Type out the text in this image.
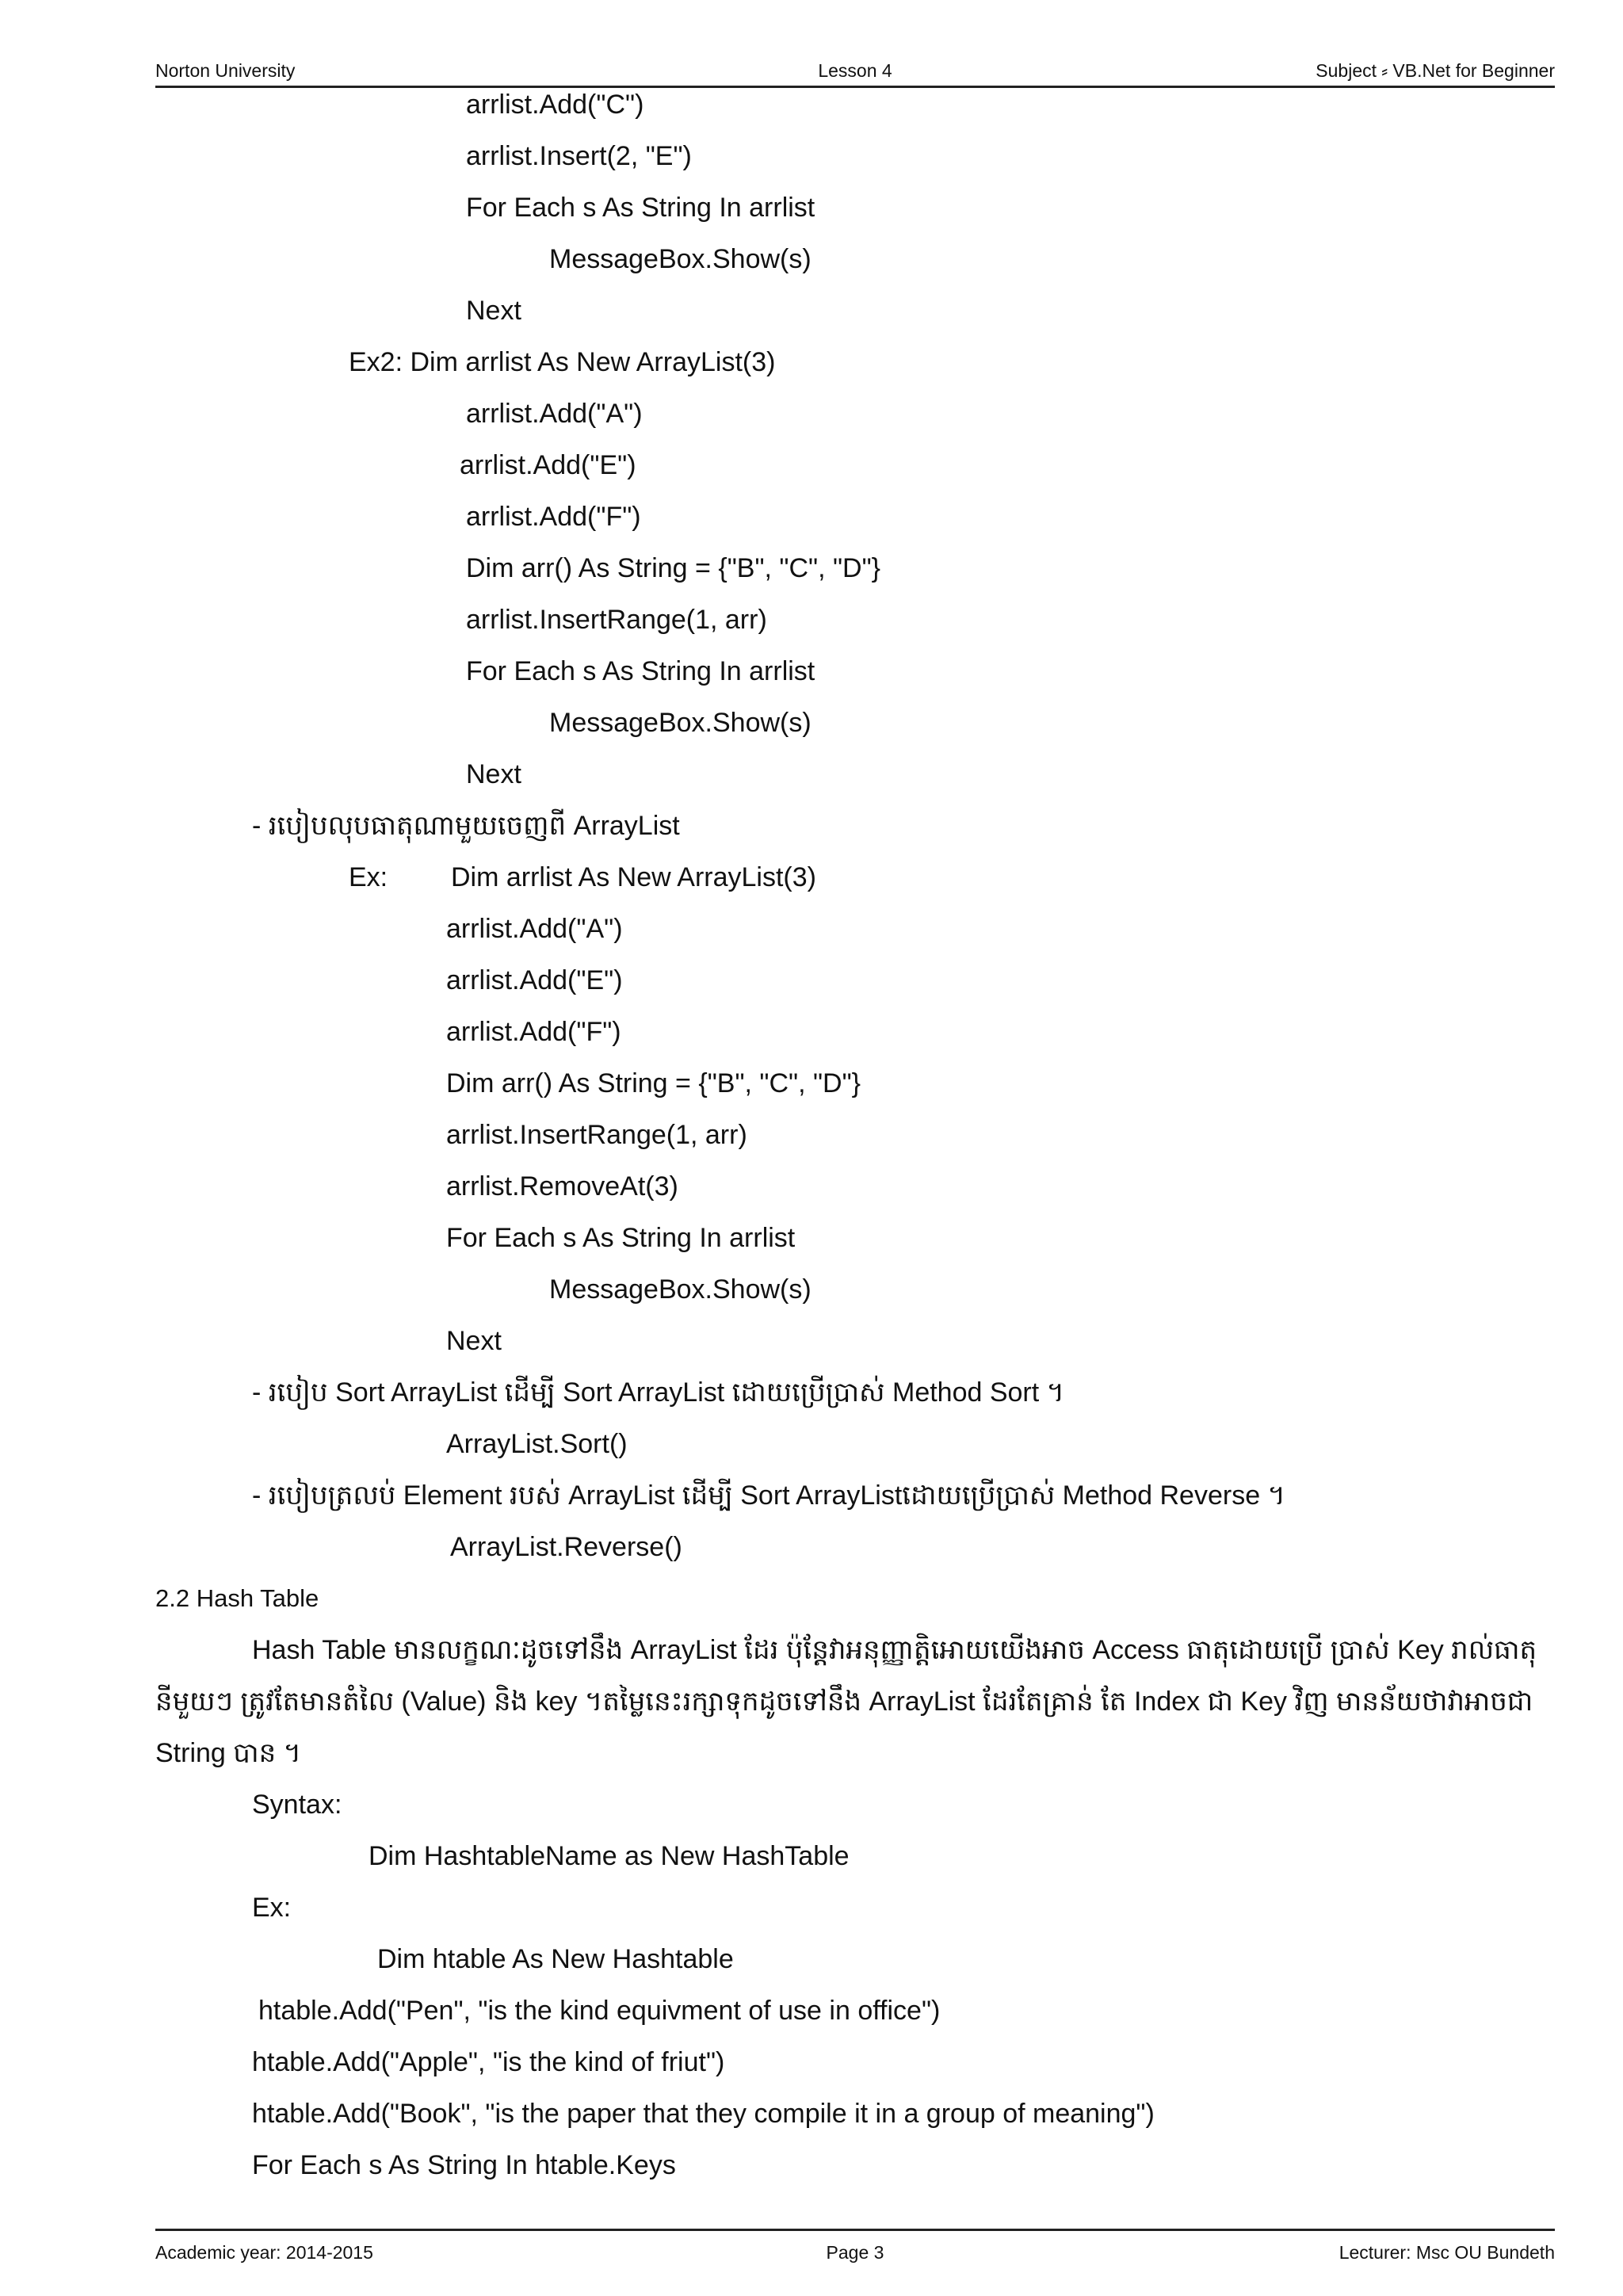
Norton University	Lesson 4	Subject ⸗ VB.Net for Beginner
arrlist.Add("C")
arrlist.Insert(2, "E")
For Each s As String In arrlist
MessageBox.Show(s)
Next
Ex2: Dim arrlist As New ArrayList(3)
arrlist.Add("A")
arrlist.Add("E")
arrlist.Add("F")
Dim arr() As String = {"B", "C", "D"}
arrlist.InsertRange(1, arr)
For Each s As String In arrlist
MessageBox.Show(s)
Next
- របៀបលុបធាតុណាមួយចេញពី ArrayList
Ex: Dim arrlist As New ArrayList(3)
arrlist.Add("A")
arrlist.Add("E")
arrlist.Add("F")
Dim arr() As String = {"B", "C", "D"}
arrlist.InsertRange(1, arr)
arrlist.RemoveAt(3)
For Each s As String In arrlist
MessageBox.Show(s)
Next
- របៀប Sort ArrayList ដើម្បី Sort ArrayList ដោយប្រើប្រាស់ Method Sort ។
ArrayList.Sort()
- របៀបត្រលប់ Element របស់ ArrayList ដើម្បី Sort ArrayListដោយប្រើប្រាស់ Method Reverse ។
ArrayList.Reverse()
2.2 Hash Table
Hash Table មានលក្ខណៈដូចទៅនឹង ArrayList ដែរ ប៉ុន្តែវាអនុញ្ញាត្តិអោយយើងអាច Access ធាតុដោយប្រើ ប្រាស់ Key រាល់ធាតុនីមួយៗ ត្រូវតែមានតំលៃ (Value) និង key ។តម្លៃនេះរក្សាទុកដូចទៅនឹង ArrayList ដែរតែគ្រាន់ តែ Index ជា Key វិញ មានន័យថាវាអាចជា String បាន ។
Syntax:
Dim HashtableName as New HashTable
Ex:
Dim htable As New Hashtable
htable.Add("Pen", "is the kind equivment of use in office")
htable.Add("Apple", "is the kind of friut")
htable.Add("Book", "is the paper that they compile it in a group of meaning")
For Each s As String In htable.Keys
Academic year: 2014-2015	Page 3	Lecturer: Msc OU Bundeth
